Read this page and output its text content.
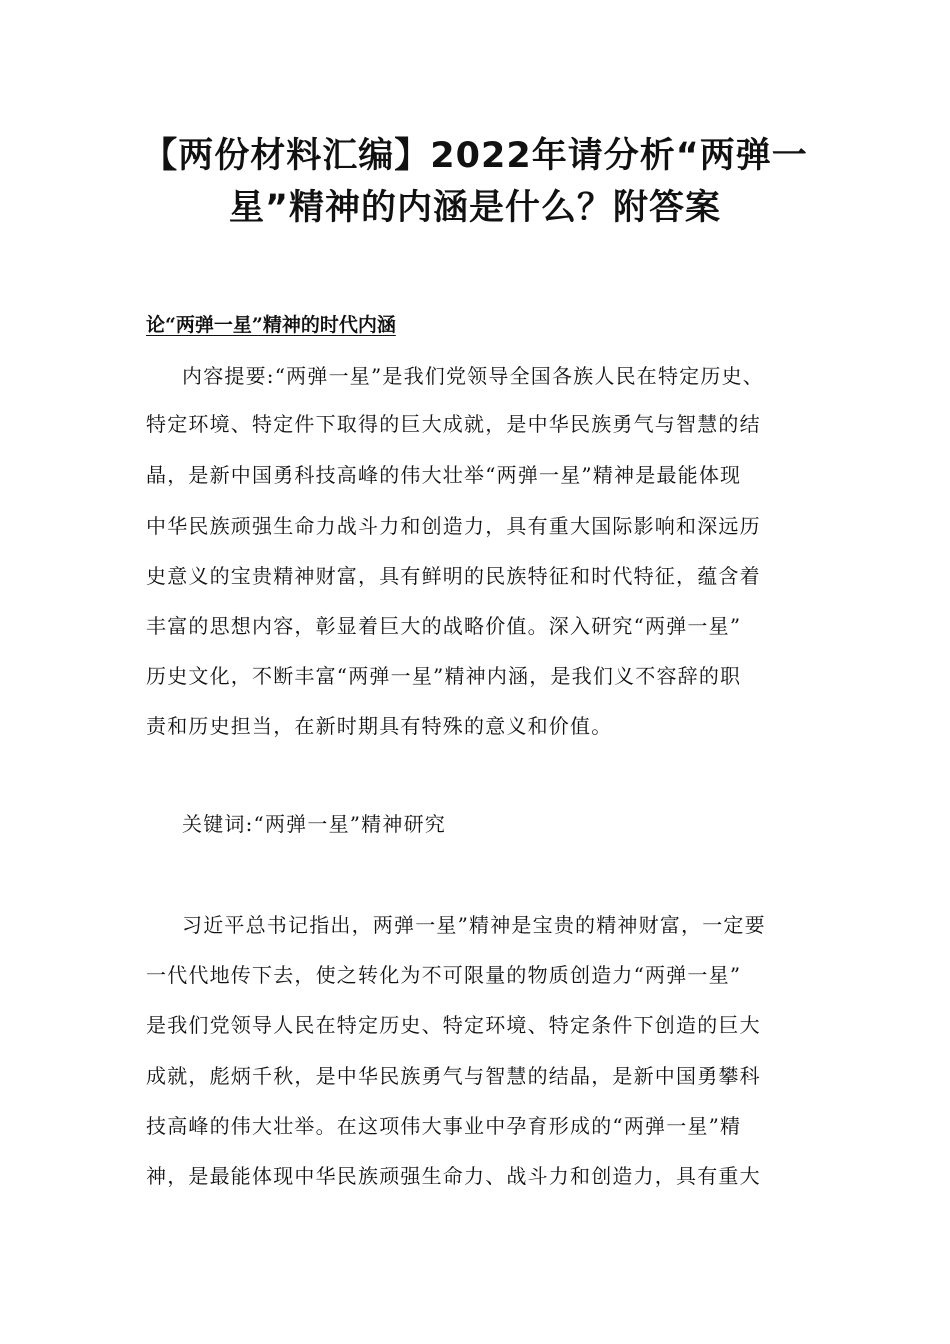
【两份材料汇编】2022年请分析“两弹一
星”精神的内涵是什么？附答案
论“两弹一星”精神的时代内涵
内容提要:“两弹一星”是我们党领导全国各族人民在特定历史、
特定环境、特定件下取得的巨大成就，是中华民族勇气与智慧的结
晶，是新中国勇科技高峰的伟大壮举“两弹一星”精神是最能体现
中华民族顽强生命力战斗力和创造力，具有重大国际影响和深远历
史意义的宝贵精神财富，具有鲜明的民族特征和时代特征，蕴含着
丰富的思想内容，彰显着巨大的战略价值。深入研究“两弹一星”
历史文化，不断丰富“两弹一星”精神内涵，是我们义不容辞的职
责和历史担当，在新时期具有特殊的意义和价值。
关键词:“两弹一星”精神研究
习近平总书记指出，两弹一星”精神是宝贵的精神财富，一定要
一代代地传下去，使之转化为不可限量的物质创造力“两弹一星”
是我们党领导人民在特定历史、特定环境、特定条件下创造的巨大
成就，彪炳千秋，是中华民族勇气与智慧的结晶，是新中国勇攀科
技高峰的伟大壮举。在这项伟大事业中孕育形成的“两弹一星”精
神，是最能体现中华民族顽强生命力、战斗力和创造力，具有重大
